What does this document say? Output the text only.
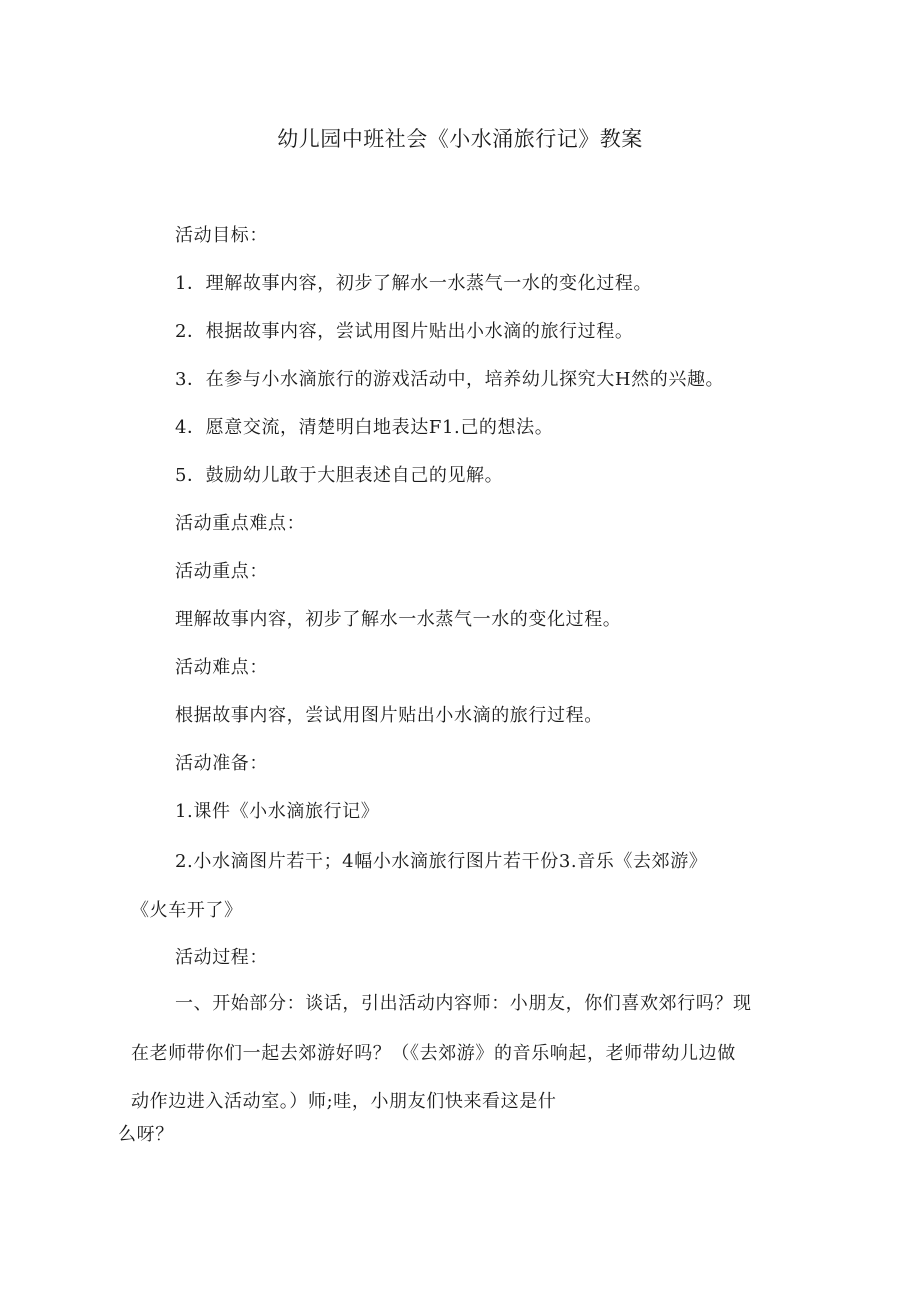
幼儿园中班社会《小水涌旅行记》教案
活动目标：
1．理解故事内容，初步了解水一水蒸气一水的变化过程。
2．根据故事内容，尝试用图片贴出小水滴的旅行过程。
3．在参与小水滴旅行的游戏活动中，培养幼儿探究大H然的兴趣。
4．愿意交流，清楚明白地表达F1.己的想法。
5．鼓励幼儿敢于大胆表述自己的见解。
活动重点难点：
活动重点：
理解故事内容，初步了解水一水蒸气一水的变化过程。
活动难点：
根据故事内容，尝试用图片贴出小水滴的旅行过程。
活动准备：
1.课件《小水滴旅行记》
2.小水滴图片若干；4幅小水滴旅行图片若干份3.音乐《去郊游》
《火车开了》
活动过程：
一、开始部分：谈话，引出活动内容师：小朋友，你们喜欢郊行吗？现
在老师带你们一起去郊游好吗？（《去郊游》的音乐响起，老师带幼儿边做
动作边进入活动室。）师;哇，小朋友们快来看这是什
么呀？
